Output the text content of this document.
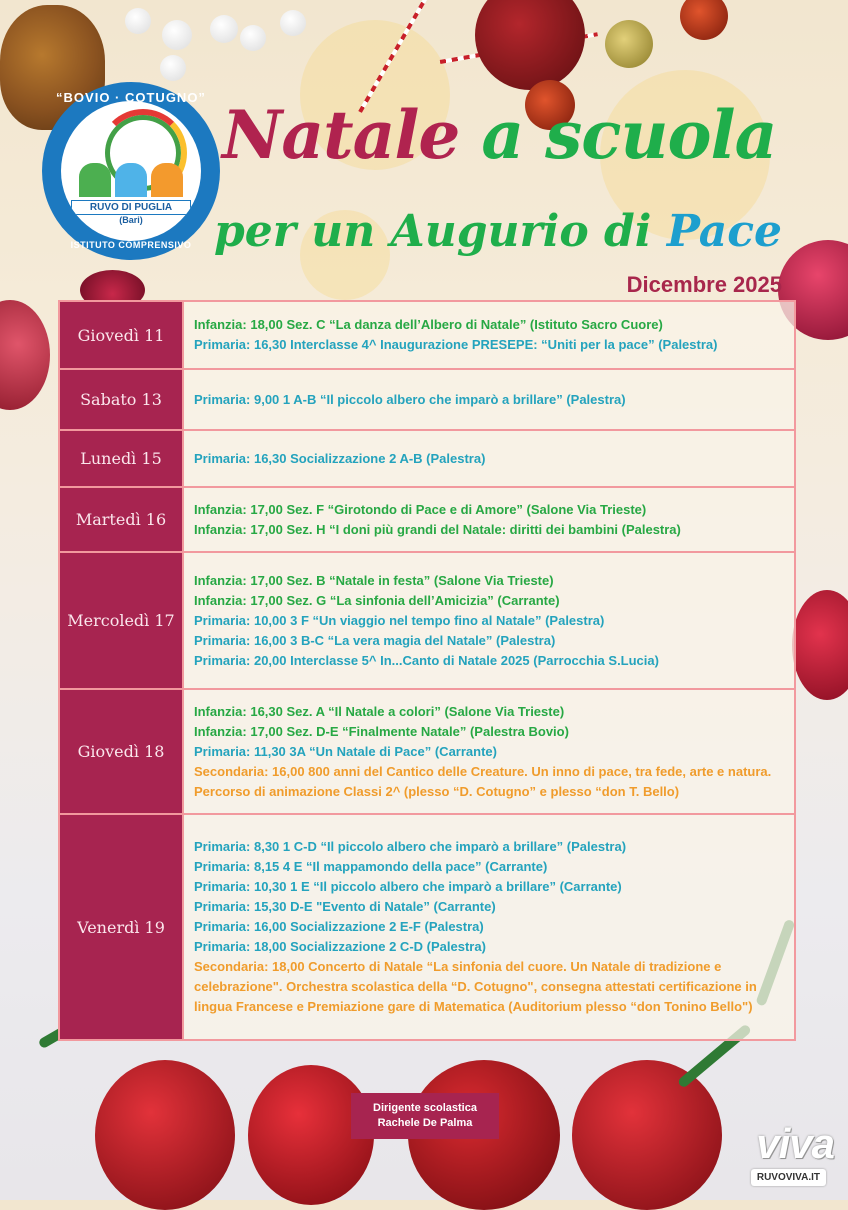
RUVO DI PUGLIA
(Bari)
“BOVIO · COTUGNO”
ISTITUTO COMPRENSIVO
Natale a scuola
per un Augurio di Pace
Dicembre 2025
Giovedì 11
Infanzia: 18,00 Sez. C “La danza dell’Albero di Natale” (Istituto Sacro Cuore)
Primaria: 16,30 Interclasse 4^ Inaugurazione PRESEPE: “Uniti per la pace” (Palestra)
Sabato 13	Primaria: 9,00 1 A-B “Il piccolo albero che imparò a brillare” (Palestra)
Lunedì 15	Primaria: 16,30 Socializzazione 2 A-B (Palestra)
Martedì 16
Infanzia: 17,00 Sez. F “Girotondo di Pace e di Amore” (Salone Via Trieste)
Infanzia: 17,00 Sez. H “I doni più grandi del Natale: diritti dei bambini (Palestra)
Mercoledì 17
Infanzia: 17,00 Sez. B “Natale in festa” (Salone Via Trieste)
Infanzia: 17,00 Sez. G “La sinfonia dell’Amicizia” (Carrante)
Primaria: 10,00 3 F “Un viaggio nel tempo fino al Natale” (Palestra)
Primaria: 16,00 3 B-C “La vera magia del Natale” (Palestra)
Primaria: 20,00 Interclasse 5^ In...Canto di Natale 2025 (Parrocchia S.Lucia)
Giovedì 18
Infanzia: 16,30 Sez. A “Il Natale a colori” (Salone Via Trieste)
Infanzia: 17,00 Sez. D-E “Finalmente Natale” (Palestra Bovio)
Primaria: 11,30 3A “Un Natale di Pace” (Carrante)
Secondaria: 16,00 800 anni del Cantico delle Creature. Un inno di pace, tra fede, arte e natura. Percorso di animazione Classi 2^ (plesso “D. Cotugno” e plesso “don T. Bello)
Venerdì 19
Primaria: 8,30 1 C-D “Il piccolo albero che imparò a brillare” (Palestra)
Primaria: 8,15 4 E “Il mappamondo della pace” (Carrante)
Primaria: 10,30 1 E “Il piccolo albero che imparò a brillare” (Carrante)
Primaria: 15,30 D-E "Evento di Natale” (Carrante)
Primaria: 16,00 Socializzazione 2 E-F (Palestra)
Primaria: 18,00 Socializzazione 2 C-D (Palestra)
Secondaria: 18,00 Concerto di Natale “La sinfonia del cuore. Un Natale di tradizione e celebrazione". Orchestra scolastica della “D. Cotugno", consegna attestati certificazione in lingua Francese e Premiazione gare di Matematica (Auditorium plesso “don Tonino Bello")
Dirigente scolastica
Rachele De Palma	viva
RUVOVIVA.IT
